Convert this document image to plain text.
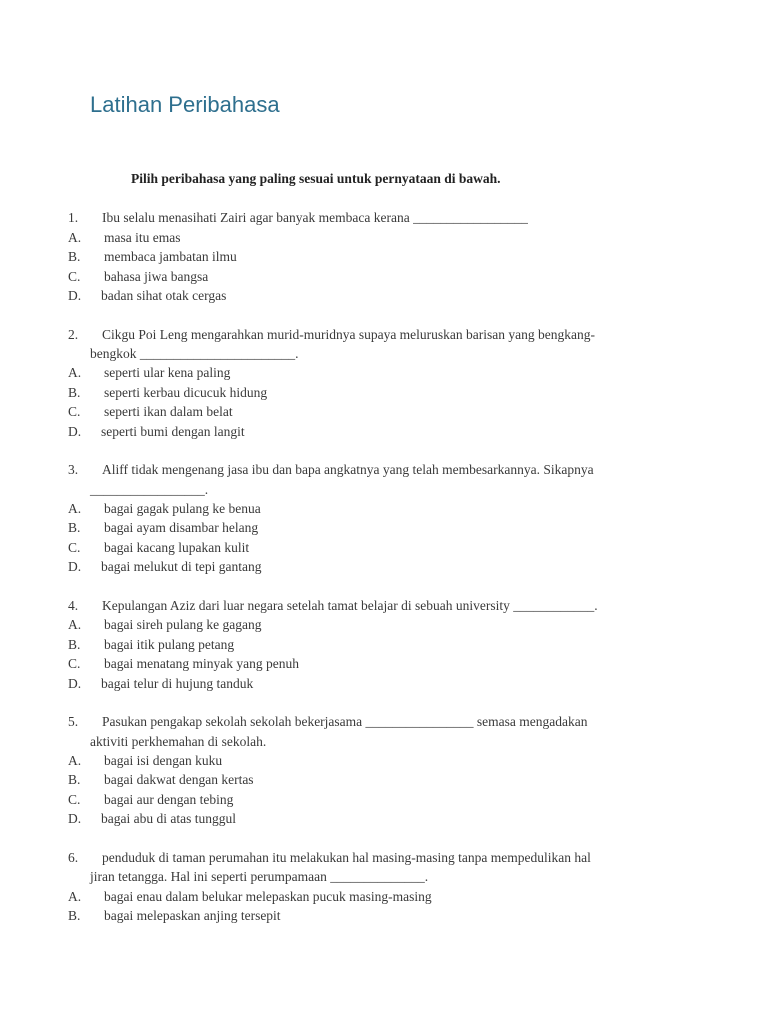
Latihan Peribahasa
Pilih peribahasa yang paling sesuai untuk pernyataan di bawah.
1. Ibu selalu menasihati Zairi agar banyak membaca kerana _________________
A. masa itu emas
B. membaca jambatan ilmu
C. bahasa jiwa bangsa
D. badan sihat otak cergas
2. Cikgu Poi Leng mengarahkan murid-muridnya supaya meluruskan barisan yang bengkang-
bengkok _______________________.
A. seperti ular kena paling
B. seperti kerbau dicucuk hidung
C. seperti ikan dalam belat
D. seperti bumi dengan langit
3. Aliff tidak mengenang jasa ibu dan bapa angkatnya yang telah membesarkannya. Sikapnya
_________________.
A. bagai gagak pulang ke benua
B. bagai ayam disambar helang
C. bagai kacang lupakan kulit
D. bagai melukut di tepi gantang
4. Kepulangan Aziz dari luar negara setelah tamat belajar di sebuah university ____________.
A. bagai sireh pulang ke gagang
B. bagai itik pulang petang
C. bagai menatang minyak yang penuh
D. bagai telur di hujung tanduk
5. Pasukan pengakap sekolah sekolah bekerjasama ________________ semasa mengadakan
aktiviti perkhemahan di sekolah.
A. bagai isi dengan kuku
B. bagai dakwat dengan kertas
C. bagai aur dengan tebing
D. bagai abu di atas tunggul
6. penduduk di taman perumahan itu melakukan hal masing-masing tanpa mempedulikan hal
jiran tetangga. Hal ini seperti perumpamaan ______________.
A. bagai enau dalam belukar melepaskan pucuk masing-masing
B. bagai melepaskan anjing tersepit
